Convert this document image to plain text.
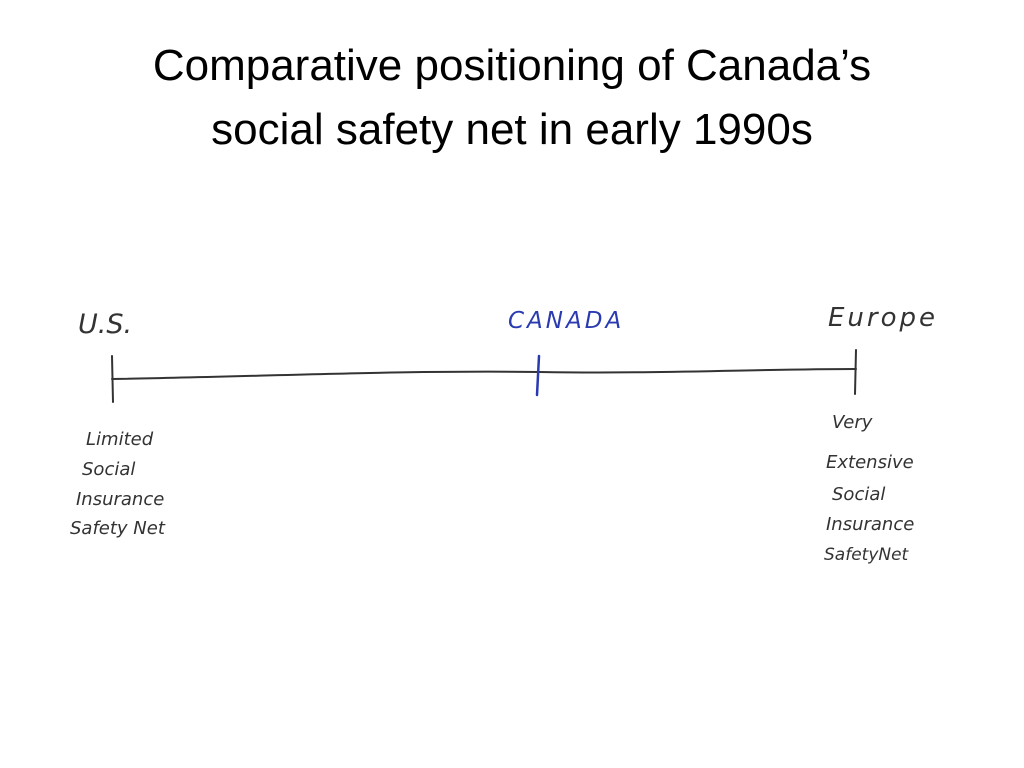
Comparative positioning of Canada’s
social safety net in early 1990s
U.S.	CANADA	Europe
Limited
Social
Insurance
Safety Net
Very
Extensive
Social
Insurance
SafetyNet
